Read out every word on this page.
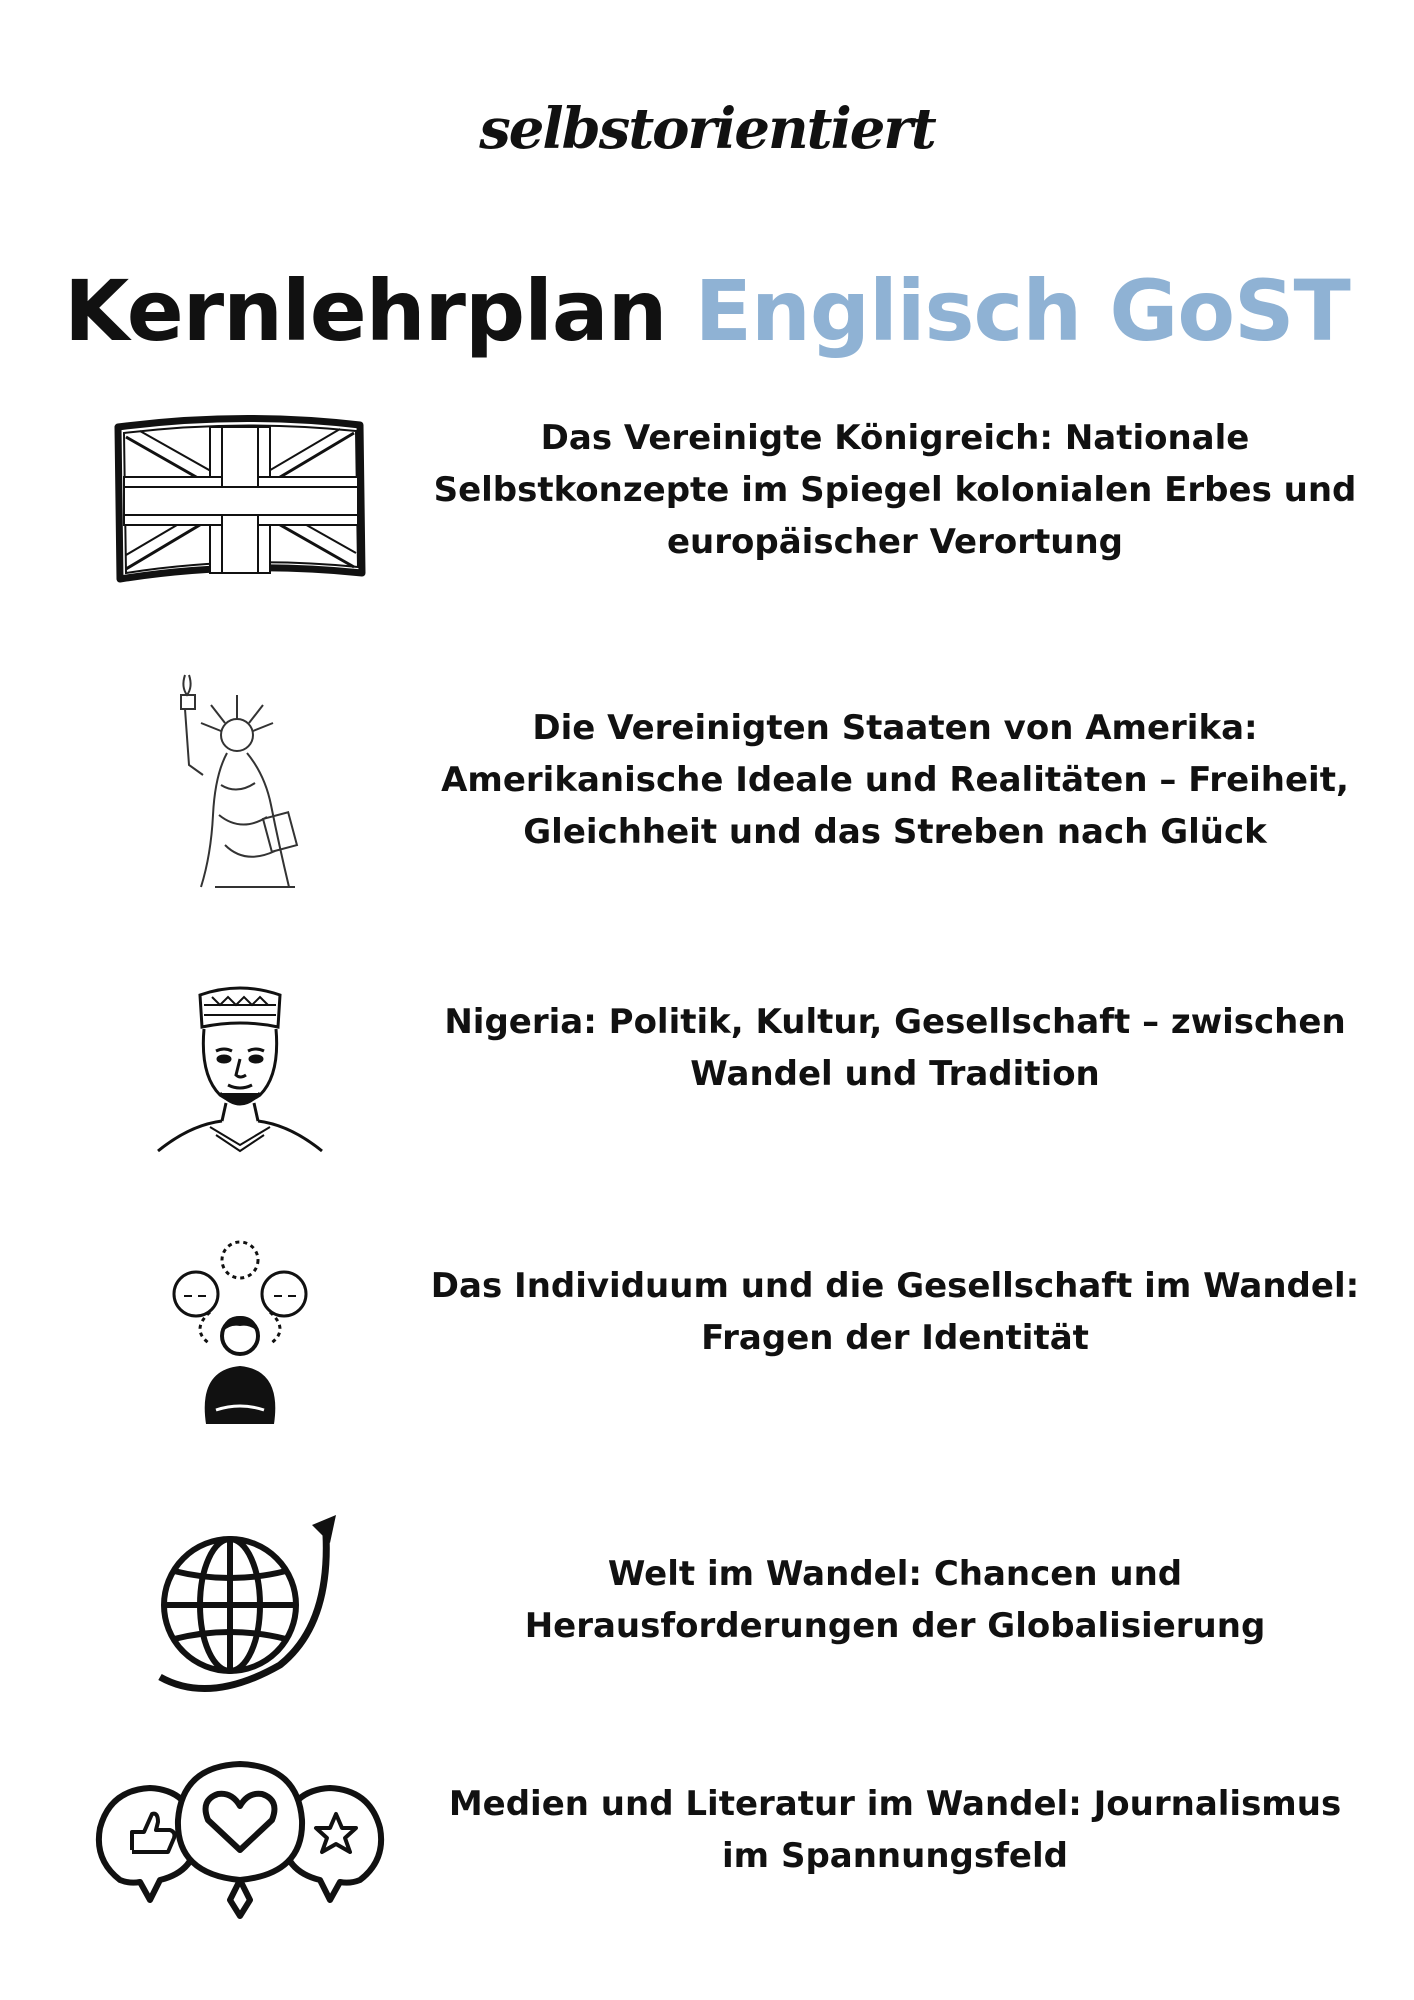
selbstorientiert
Kernlehrplan Englisch GoST
Das Vereinigte Königreich: Nationale Selbstkonzepte im Spiegel kolonialen Erbes und europäischer Verortung
Die Vereinigten Staaten von Amerika: Amerikanische Ideale und Realitäten – Freiheit, Gleichheit und das Streben nach Glück
Nigeria: Politik, Kultur, Gesellschaft – zwischen Wandel und Tradition
Das Individuum und die Gesellschaft im Wandel: Fragen der Identität
Welt im Wandel: Chancen und Herausforderungen der Globalisierung
Medien und Literatur im Wandel: Journalismus im Spannungsfeld
